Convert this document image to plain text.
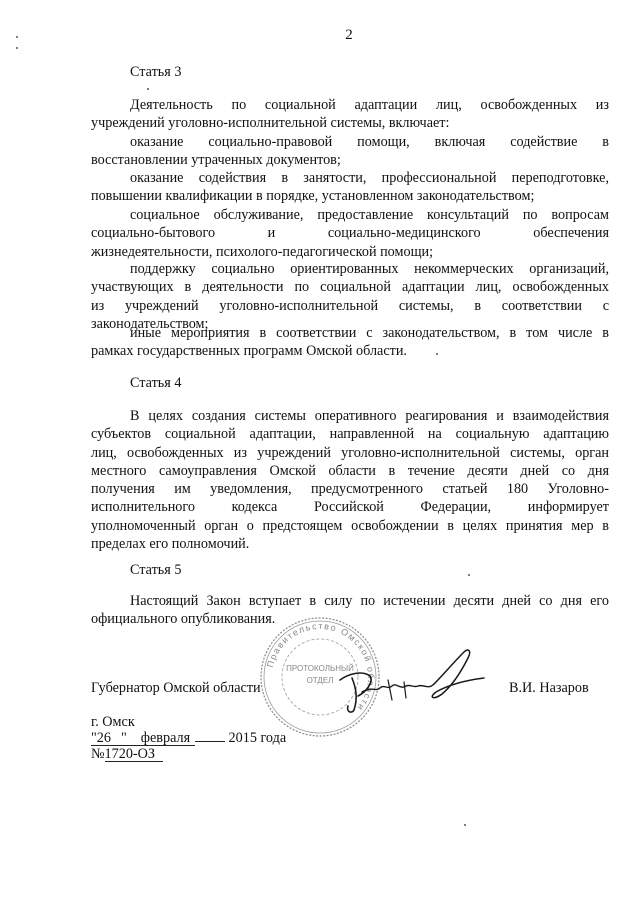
2
Статья 3
Деятельность по социальной адаптации лиц, освобожденных из
учреждений уголовно-исполнительной системы, включает:
оказание социально-правовой помощи, включая содействие в
восстановлении утраченных документов;
оказание содействия в занятости, профессиональной переподготовке,
повышении квалификации в порядке, установленном законодательством;
социальное обслуживание, предоставление консультаций по вопросам
социально-бытового и социально-медицинского обеспечения
жизнедеятельности, психолого-педагогической помощи;
поддержку социально ориентированных некоммерческих организаций,
участвующих в деятельности по социальной адаптации лиц, освобожденных
из учреждений уголовно-исполнительной системы, в соответствии с
законодательством;
иные мероприятия в соответствии с законодательством, в том числе в
рамках государственных программ Омской области.
Статья 4
В целях создания системы оперативного реагирования и взаимодействия
субъектов социальной адаптации, направленной на социальную адаптацию
лиц, освобожденных из учреждений уголовно-исполнительной системы, орган
местного самоуправления Омской области в течение десяти дней со дня
получения им уведомления, предусмотренного статьей 180 Уголовно-
исполнительного кодекса Российской Федерации, информирует
уполномоченный орган о предстоящем освобождении в целях принятия мер в
пределах его полномочий.
Статья 5
Настоящий Закон вступает в силу по истечении десяти дней со дня его
официального опубликования.
Правительство Омской области
ПРОТОКОЛЬНЫЙ
ОТДЕЛ
Губернатор Омской области	В.И. Назаров
г. Омск
"26 " февраля	2015 года
№1720-ОЗ
